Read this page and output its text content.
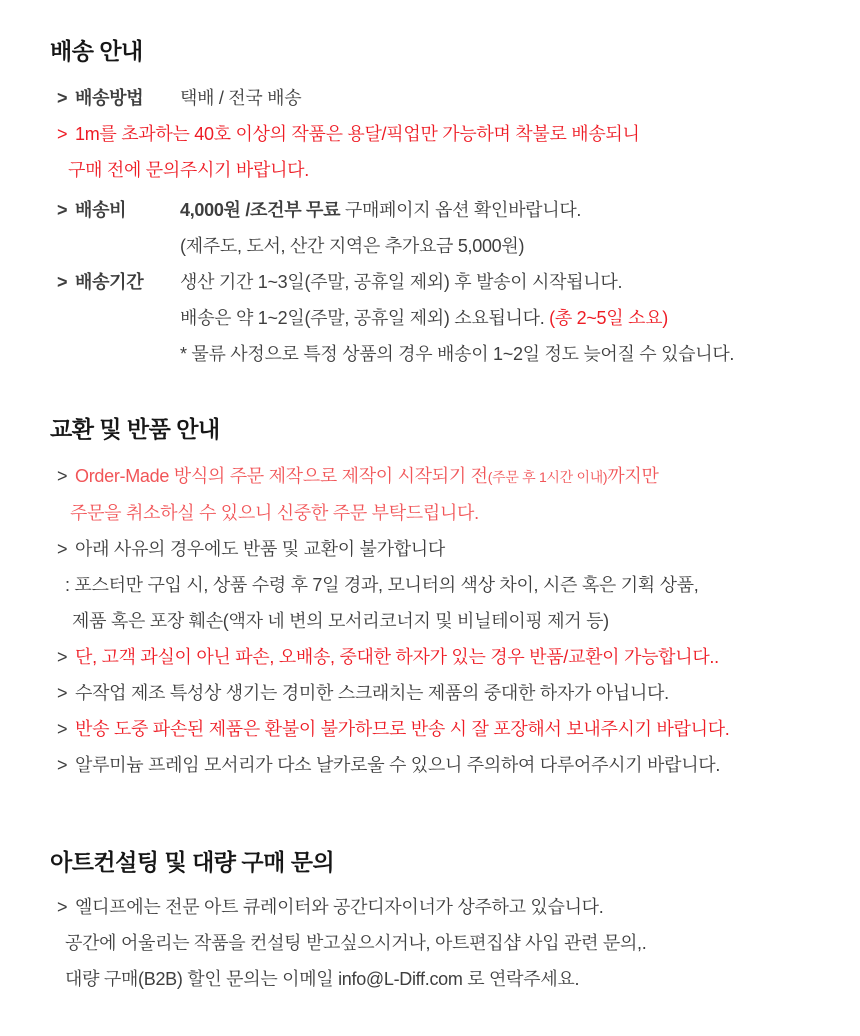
배송 안내
> 배송방법	택배 / 전국 배송
> 1m를 초과하는 40호 이상의 작품은 용달/픽업만 가능하며 착불로 배송되니
구매 전에 문의주시기 바랍니다.
> 배송비	4,000원 /조건부 무료 구매페이지 옵션 확인바랍니다.
(제주도, 도서, 산간 지역은 추가요금 5,000원)
> 배송기간	생산 기간 1~3일(주말, 공휴일 제외) 후 발송이 시작됩니다.
배송은 약 1~2일(주말, 공휴일 제외) 소요됩니다. (총 2~5일 소요)
* 물류 사정으로 특정 상품의 경우 배송이 1~2일 정도 늦어질 수 있습니다.
교환 및 반품 안내
> Order-Made 방식의 주문 제작으로 제작이 시작되기 전(주문 후 1시간 이내)까지만
주문을 취소하실 수 있으니 신중한 주문 부탁드립니다.
> 아래 사유의 경우에도 반품 및 교환이 불가합니다
: 포스터만 구입 시, 상품 수령 후 7일 경과, 모니터의 색상 차이, 시즌 혹은 기획 상품,
제품 혹은 포장 훼손(액자 네 변의 모서리코너지 및 비닐테이핑 제거 등)
> 단, 고객 과실이 아닌 파손, 오배송, 중대한 하자가 있는 경우 반품/교환이 가능합니다..
> 수작업 제조 특성상 생기는 경미한 스크래치는 제품의 중대한 하자가 아닙니다.
> 반송 도중 파손된 제품은 환불이 불가하므로 반송 시 잘 포장해서 보내주시기 바랍니다.
> 알루미늄 프레임 모서리가 다소 날카로울 수 있으니 주의하여 다루어주시기 바랍니다.
아트컨설팅 및 대량 구매 문의
> 엘디프에는 전문 아트 큐레이터와 공간디자이너가 상주하고 있습니다.
공간에 어울리는 작품을 컨설팅 받고싶으시거나, 아트편집샵 사입 관련 문의,.
대량 구매(B2B) 할인 문의는 이메일 info@L-Diff.com 로 연락주세요.
